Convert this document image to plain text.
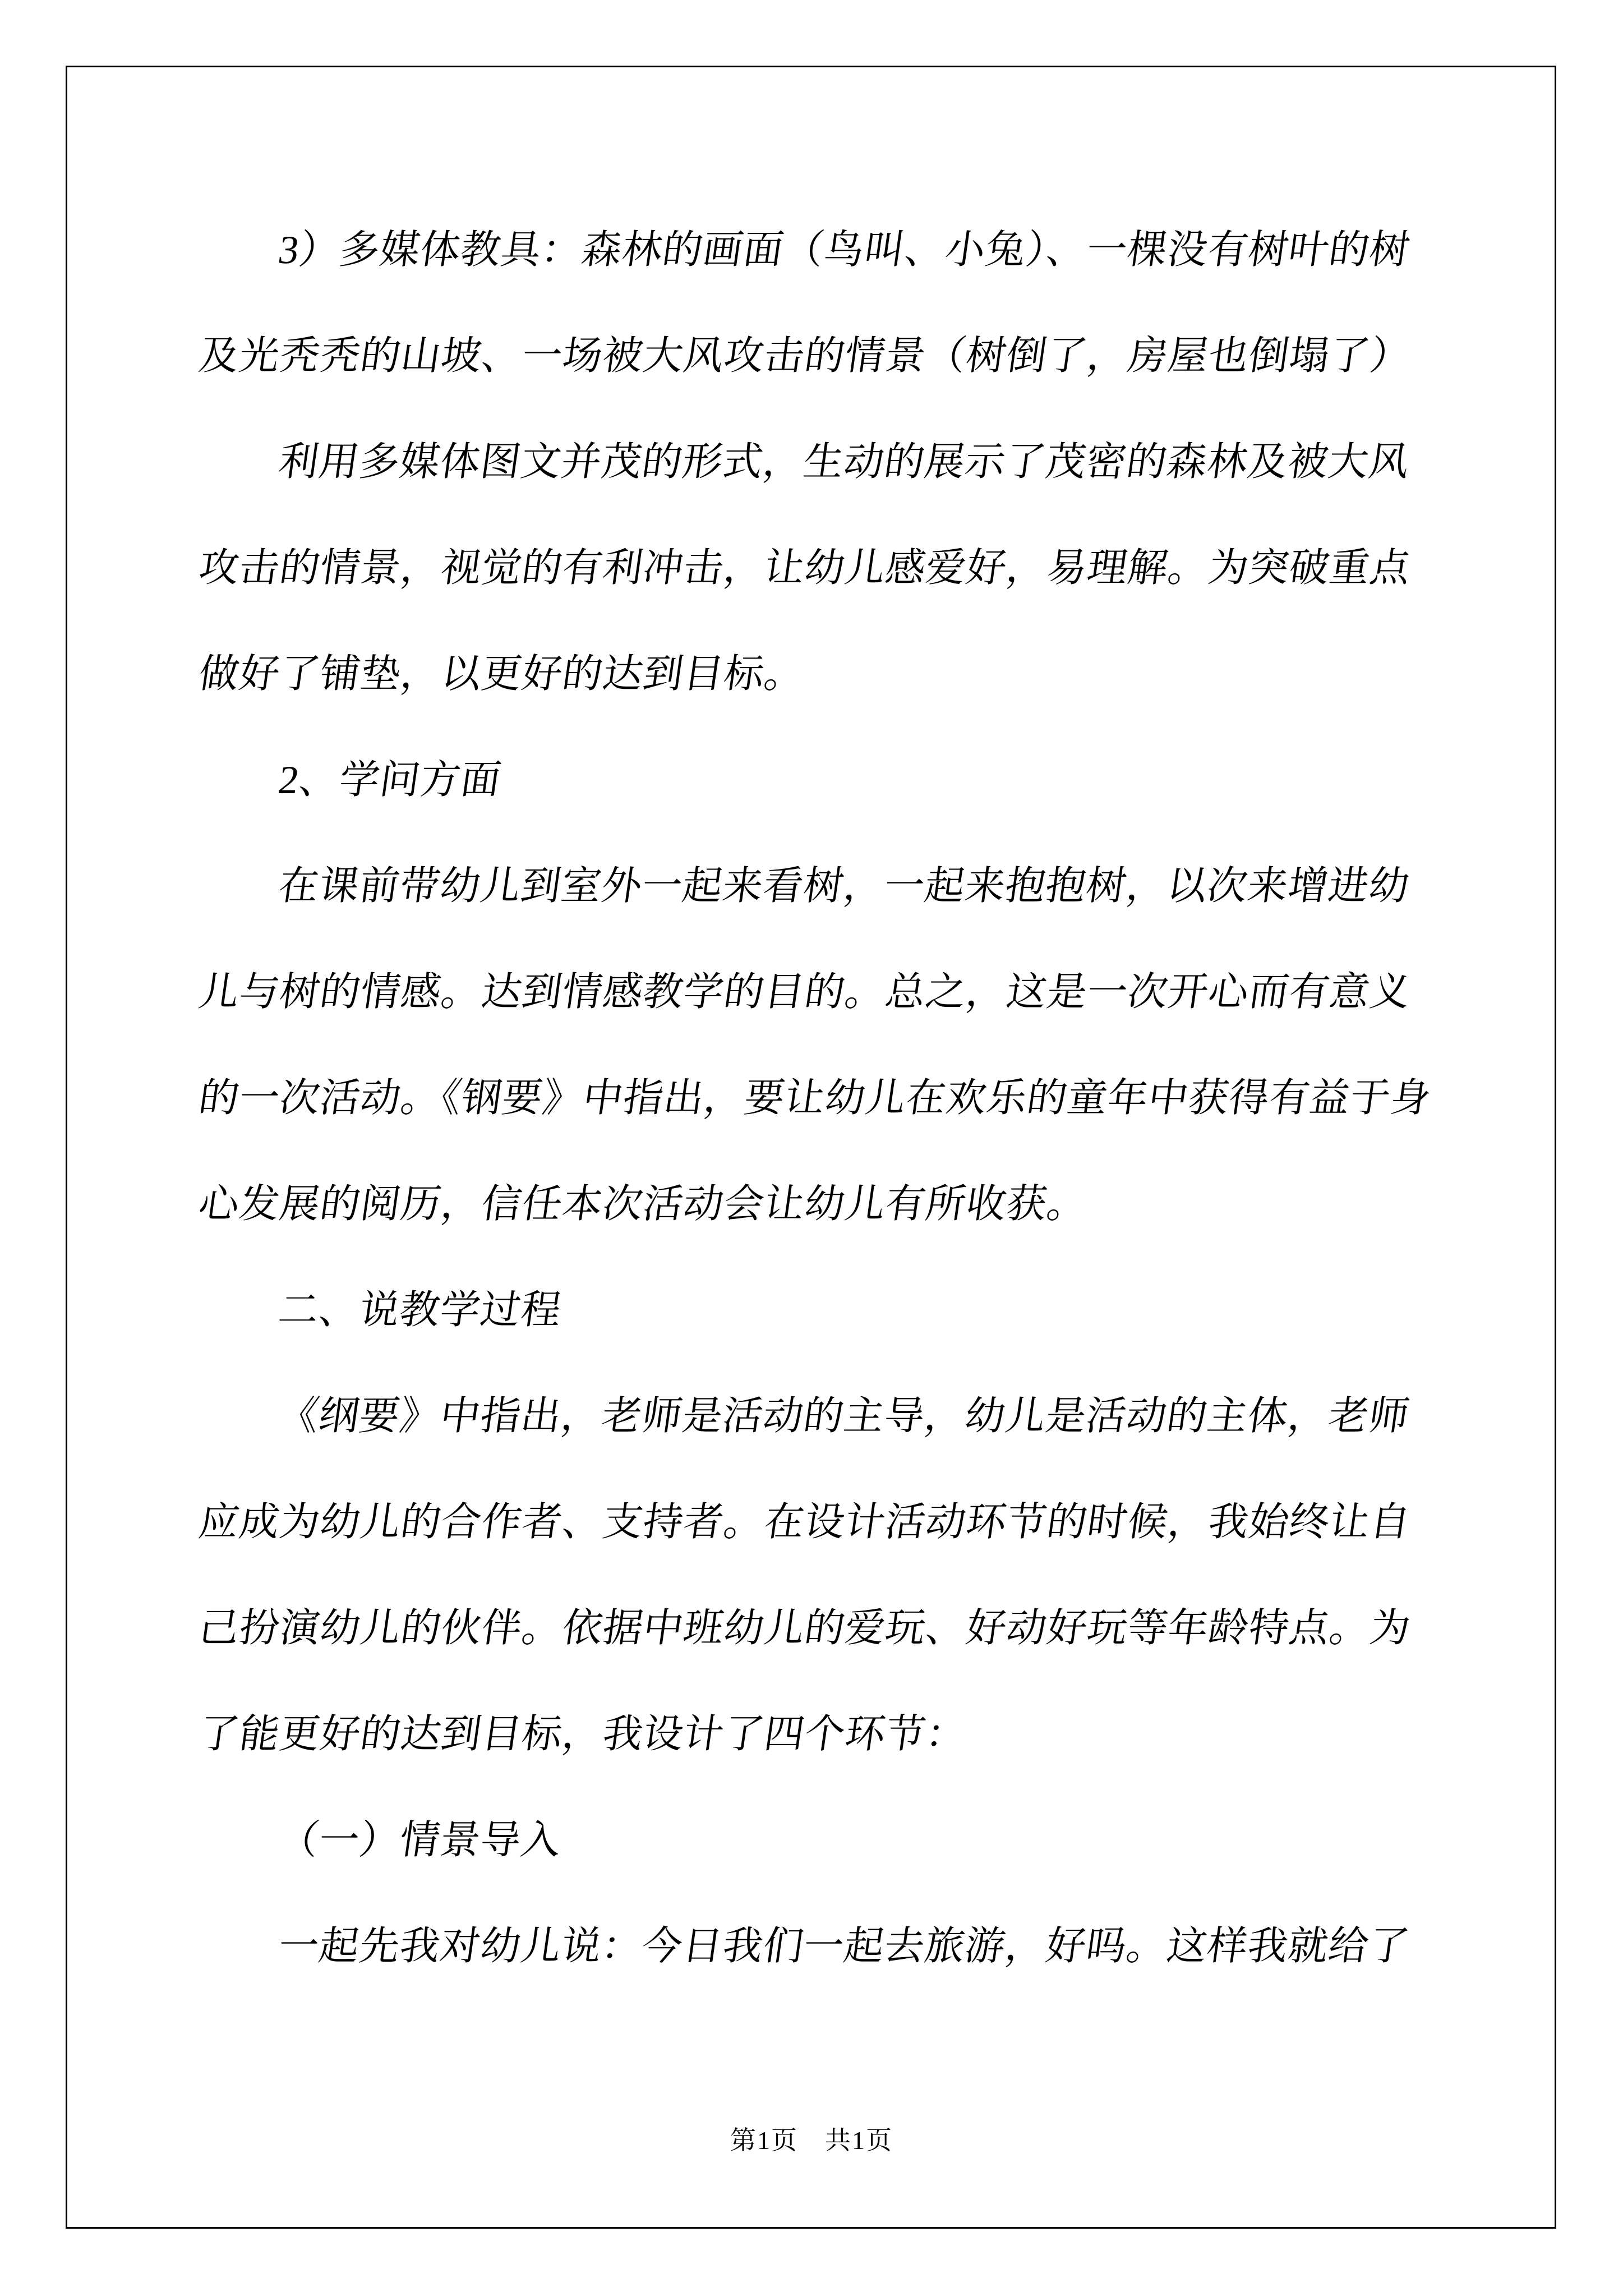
3）多媒体教具：森林的画面（鸟叫、小兔）、一棵没有树叶的树
及光秃秃的山坡、一场被大风攻击的情景（树倒了，房屋也倒塌了）
利用多媒体图文并茂的形式，生动的展示了茂密的森林及被大风
攻击的情景，视觉的有利冲击，让幼儿感爱好，易理解。为突破重点
做好了铺垫，以更好的达到目标。
2、学问方面
在课前带幼儿到室外一起来看树，一起来抱抱树，以次来增进幼
儿与树的情感。达到情感教学的目的。总之，这是一次开心而有意义
的一次活动。《钢要》中指出，要让幼儿在欢乐的童年中获得有益于身
心发展的阅历，信任本次活动会让幼儿有所收获。
二、说教学过程
《纲要》中指出，老师是活动的主导，幼儿是活动的主体，老师
应成为幼儿的合作者、支持者。在设计活动环节的时候，我始终让自
己扮演幼儿的伙伴。依据中班幼儿的爱玩、好动好玩等年龄特点。为
了能更好的达到目标，我设计了四个环节：
（一）情景导入
一起先我对幼儿说：今日我们一起去旅游，好吗。这样我就给了
第1页　共1页
